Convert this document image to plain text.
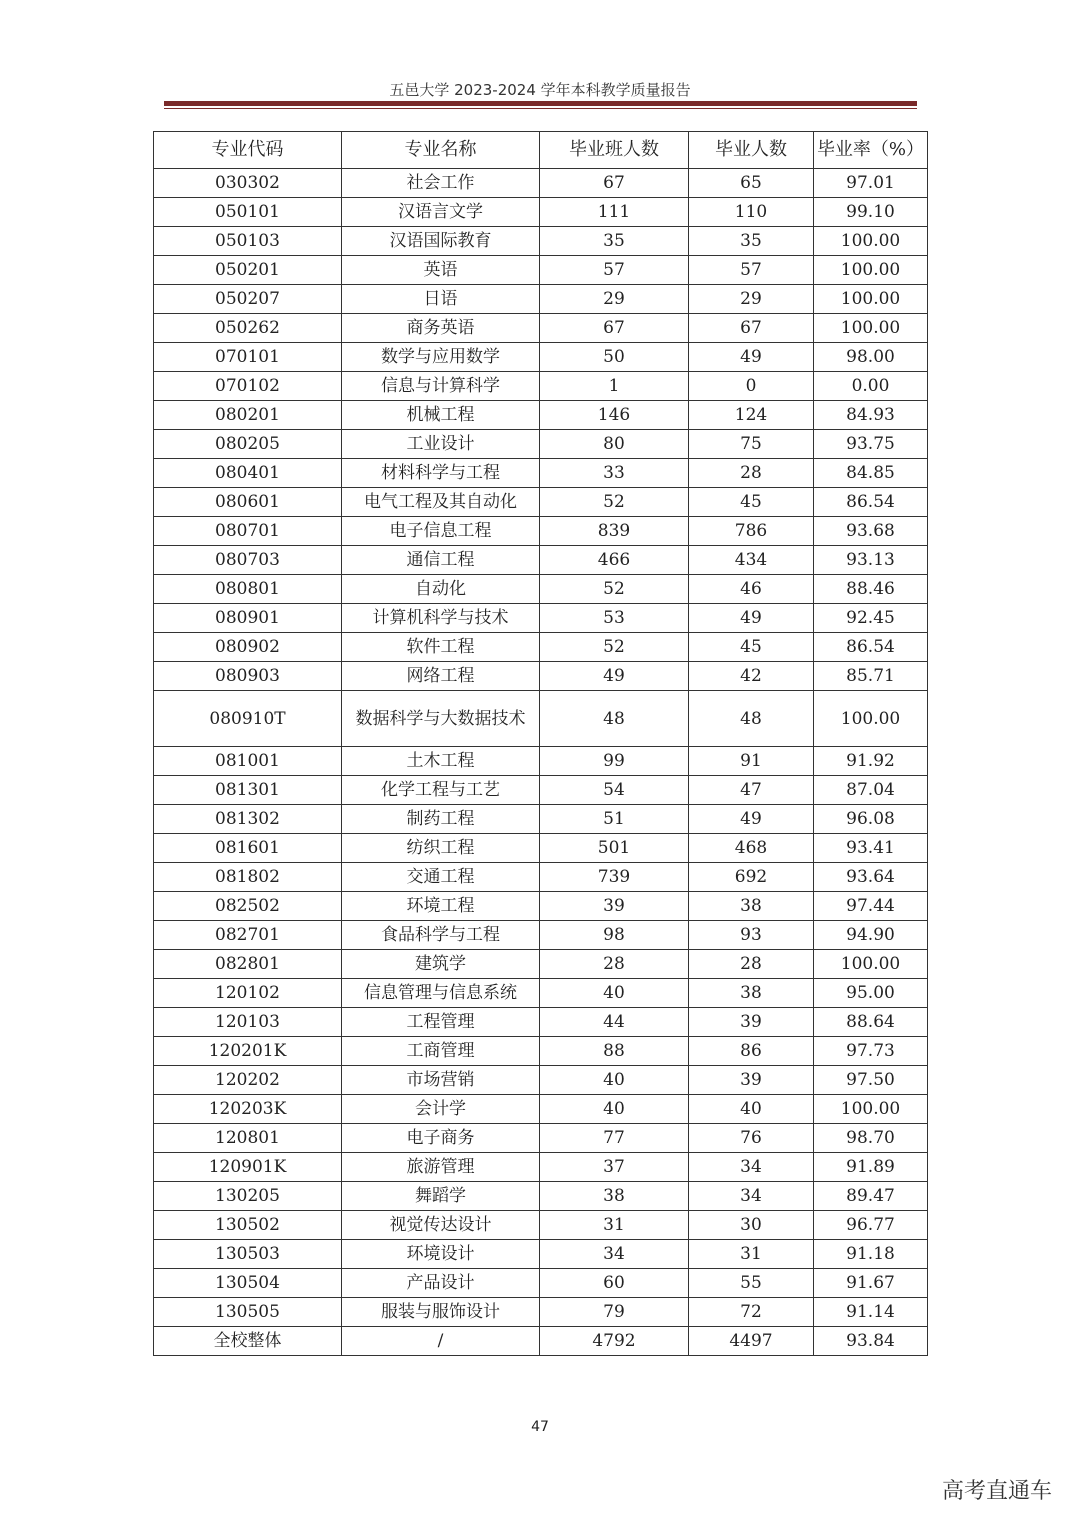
五邑大学 2023-2024 学年本科教学质量报告
专业代码	专业名称	毕业班人数	毕业人数	毕业率（%）
030302	社会工作	67	65	97.01
050101	汉语言文学	111	110	99.10
050103	汉语国际教育	35	35	100.00
050201	英语	57	57	100.00
050207	日语	29	29	100.00
050262	商务英语	67	67	100.00
070101	数学与应用数学	50	49	98.00
070102	信息与计算科学	1	0	0.00
080201	机械工程	146	124	84.93
080205	工业设计	80	75	93.75
080401	材料科学与工程	33	28	84.85
080601	电气工程及其自动化	52	45	86.54
080701	电子信息工程	839	786	93.68
080703	通信工程	466	434	93.13
080801	自动化	52	46	88.46
080901	计算机科学与技术	53	49	92.45
080902	软件工程	52	45	86.54
080903	网络工程	49	42	85.71
080910T	数据科学与大数据技术	48	48	100.00
081001	土木工程	99	91	91.92
081301	化学工程与工艺	54	47	87.04
081302	制药工程	51	49	96.08
081601	纺织工程	501	468	93.41
081802	交通工程	739	692	93.64
082502	环境工程	39	38	97.44
082701	食品科学与工程	98	93	94.90
082801	建筑学	28	28	100.00
120102	信息管理与信息系统	40	38	95.00
120103	工程管理	44	39	88.64
120201K	工商管理	88	86	97.73
120202	市场营销	40	39	97.50
120203K	会计学	40	40	100.00
120801	电子商务	77	76	98.70
120901K	旅游管理	37	34	91.89
130205	舞蹈学	38	34	89.47
130502	视觉传达设计	31	30	96.77
130503	环境设计	34	31	91.18
130504	产品设计	60	55	91.67
130505	服装与服饰设计	79	72	91.14
全校整体	/	4792	4497	93.84
47
高考直通车
